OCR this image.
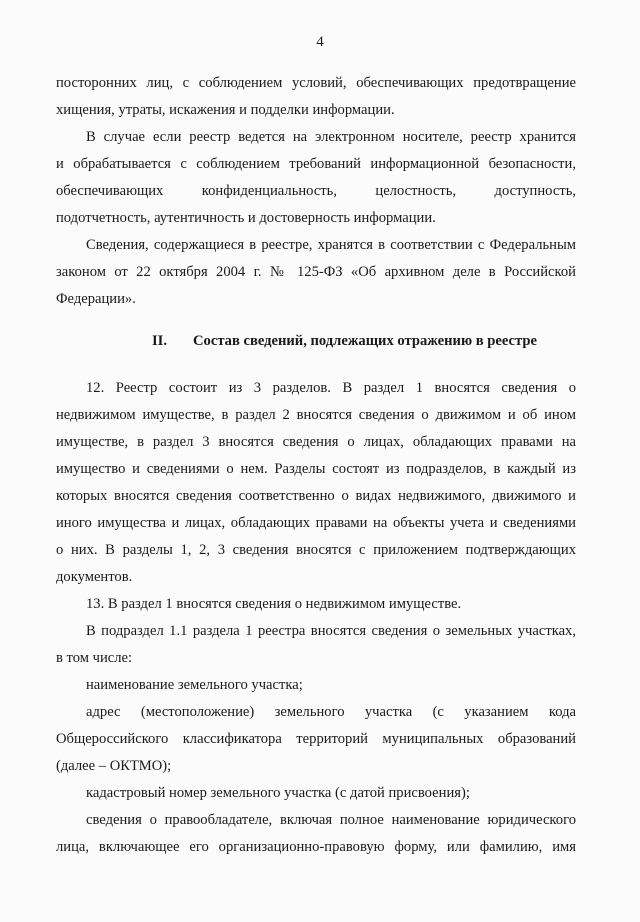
4
посторонних лиц, с соблюдением условий, обеспечивающих предотвращение
хищения, утраты, искажения и подделки информации.
В случае если реестр ведется на электронном носителе, реестр хранится
и обрабатывается с соблюдением требований информационной безопасности,
обеспечивающих конфиденциальность, целостность, доступность,
подотчетность, аутентичность и достоверность информации.
Сведения, содержащиеся в реестре, хранятся в соответствии с Федеральным
законом от 22 октября 2004 г. № 125-ФЗ «Об архивном деле в Российской
Федерации».
II. Состав сведений, подлежащих отражению в реестре
12. Реестр состоит из 3 разделов. В раздел 1 вносятся сведения о
недвижимом имуществе, в раздел 2 вносятся сведения о движимом и об ином
имуществе, в раздел 3 вносятся сведения о лицах, обладающих правами на
имущество и сведениями о нем. Разделы состоят из подразделов, в каждый из
которых вносятся сведения соответственно о видах недвижимого, движимого и
иного имущества и лицах, обладающих правами на объекты учета и сведениями
о них. В разделы 1, 2, 3 сведения вносятся с приложением подтверждающих
документов.
13. В раздел 1 вносятся сведения о недвижимом имуществе.
В подраздел 1.1 раздела 1 реестра вносятся сведения о земельных участках,
в том числе:
наименование земельного участка;
адрес (местоположение) земельного участка (с указанием кода
Общероссийского классификатора территорий муниципальных образований
(далее – ОКТМО);
кадастровый номер земельного участка (с датой присвоения);
сведения о правообладателе, включая полное наименование юридического
лица, включающее его организационно-правовую форму, или фамилию, имя
